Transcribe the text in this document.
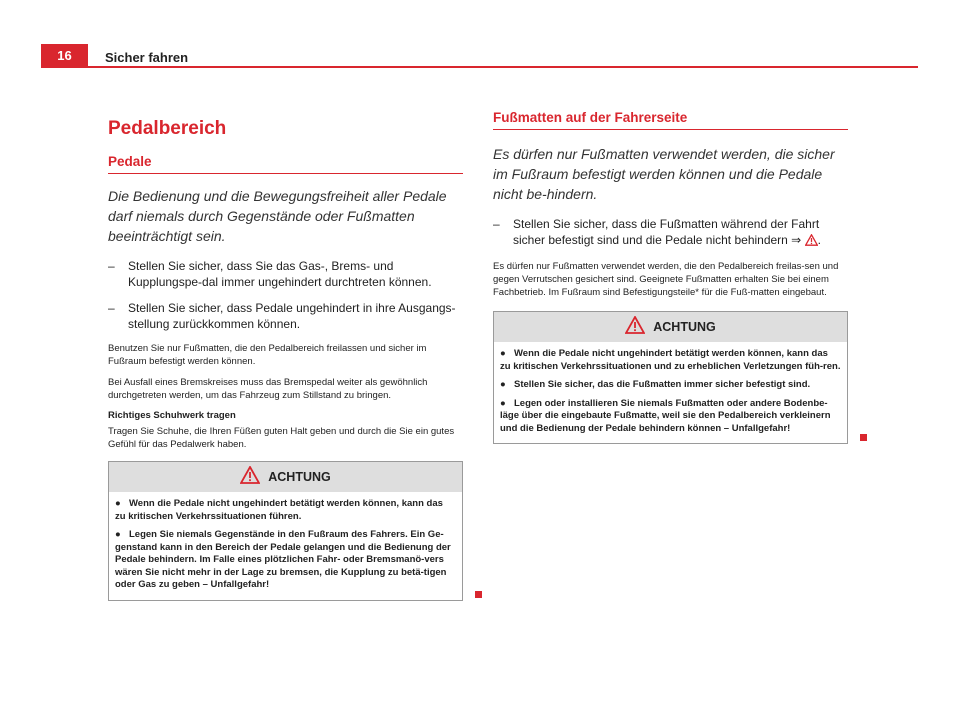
16	Sicher fahren
Pedalbereich
Pedale
Die Bedienung und die Bewegungsfreiheit aller Pedale darf niemals durch Gegenstände oder Fußmatten beeinträchtigt sein.
– Stellen Sie sicher, dass Sie das Gas-, Brems- und Kupplungspe-dal immer ungehindert durchtreten können.
– Stellen Sie sicher, dass Pedale ungehindert in ihre Ausgangs-stellung zurückkommen können.
Benutzen Sie nur Fußmatten, die den Pedalbereich freilassen und sicher im Fußraum befestigt werden können.
Bei Ausfall eines Bremskreises muss das Bremspedal weiter als gewöhnlich durchgetreten werden, um das Fahrzeug zum Stillstand zu bringen.
Richtiges Schuhwerk tragen
Tragen Sie Schuhe, die Ihren Füßen guten Halt geben und durch die Sie ein gutes Gefühl für das Pedalwerk haben.
ACHTUNG
● Wenn die Pedale nicht ungehindert betätigt werden können, kann das zu kritischen Verkehrssituationen führen.
● Legen Sie niemals Gegenstände in den Fußraum des Fahrers. Ein Ge-genstand kann in den Bereich der Pedale gelangen und die Bedienung der Pedale behindern. Im Falle eines plötzlichen Fahr- oder Bremsmanö-vers wären Sie nicht mehr in der Lage zu bremsen, die Kupplung zu betä-tigen oder Gas zu geben – Unfallgefahr!
Fußmatten auf der Fahrerseite
Es dürfen nur Fußmatten verwendet werden, die sicher im Fußraum befestigt werden können und die Pedale nicht be-hindern.
– Stellen Sie sicher, dass die Fußmatten während der Fahrt sicher befestigt sind und die Pedale nicht behindern ⇒ .
Es dürfen nur Fußmatten verwendet werden, die den Pedalbereich freilas-sen und gegen Verrutschen gesichert sind. Geeignete Fußmatten erhalten Sie bei einem Fachbetrieb. Im Fußraum sind Befestigungsteile* für die Fuß-matten eingebaut.
ACHTUNG
● Wenn die Pedale nicht ungehindert betätigt werden können, kann das zu kritischen Verkehrssituationen und zu erheblichen Verletzungen füh-ren.
● Stellen Sie sicher, das die Fußmatten immer sicher befestigt sind.
● Legen oder installieren Sie niemals Fußmatten oder andere Bodenbe-läge über die eingebaute Fußmatte, weil sie den Pedalbereich verkleinern und die Bedienung der Pedale behindern können – Unfallgefahr!
